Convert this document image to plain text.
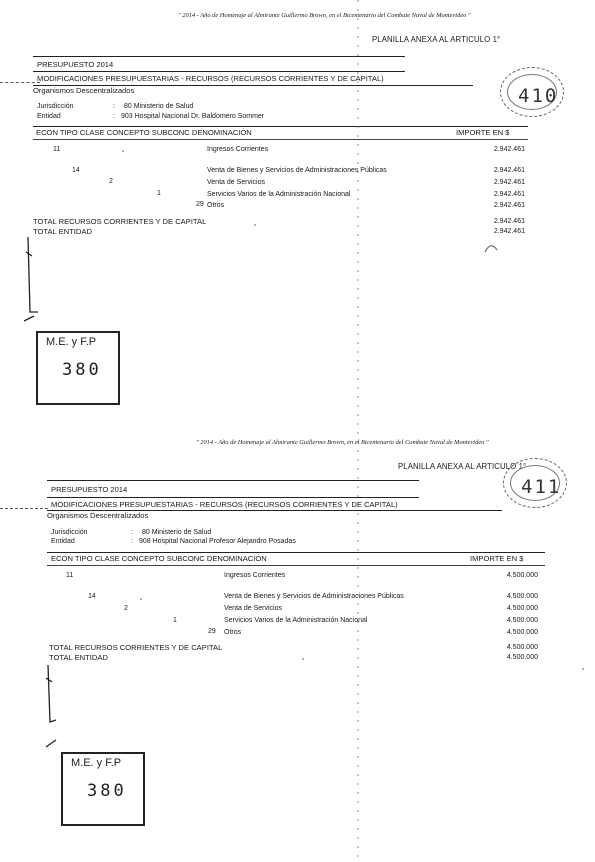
" 2014 - Año de Homenaje al Almirante Guillermo Brown, en el Bicentenario del Combate Naval de Montevideo "
PLANILLA ANEXA AL ARTICULO 1°
PRESUPUESTO 2014
MODIFICACIONES PRESUPUESTARIAS - RECURSOS (RECURSOS CORRIENTES Y DE CAPITAL)
Organismos Descentralizados
Jurisdicción	: 80 Ministerio de Salud
Entidad	: 903 Hospital Nacional Dr. Baldomero Sommer
ECON TIPO CLASE CONCEPTO SUBCONC DENOMINACIÓN	IMPORTE EN $
11	Ingresos Corrientes	2.942.461
14	Venta de Bienes y Servicios de Administraciones Públicas	2.942.461
2	Venta de Servicios	2.942.461
1	Servicios Varios de la Administración Nacional	2.942.461
29 Otros	2.942.461
TOTAL RECURSOS CORRIENTES Y DE CAPITAL	2.942.461
TOTAL ENTIDAD	2.942.461
410
M.E. y F.P
380
" 2014 - Año de Homenaje al Almirante Guillermo Brown, en el Bicentenario del Combate Naval de Montevideo "
PLANILLA ANEXA AL ARTICULO 1°
PRESUPUESTO 2014
MODIFICACIONES PRESUPUESTARIAS - RECURSOS (RECURSOS CORRIENTES Y DE CAPITAL)
Organismos Descentralizados
Jurisdicción	: 80 Ministerio de Salud
Entidad	: 908 Hospital Nacional Profesor Alejandro Posadas
ECON TIPO CLASE CONCEPTO SUBCONC DENOMINACIÓN	IMPORTE EN $
11	Ingresos Corrientes	4.500.000
14	Venta de Bienes y Servicios de Administraciones Públicas	4.500.000
2	Venta de Servicios	4.500.000
1	Servicios Varios de la Administración Nacional	4.500.000
29 Otros	4.500.000
TOTAL RECURSOS CORRIENTES Y DE CAPITAL	4.500.000
TOTAL ENTIDAD	4.500.000
411
M.E. y F.P
380
